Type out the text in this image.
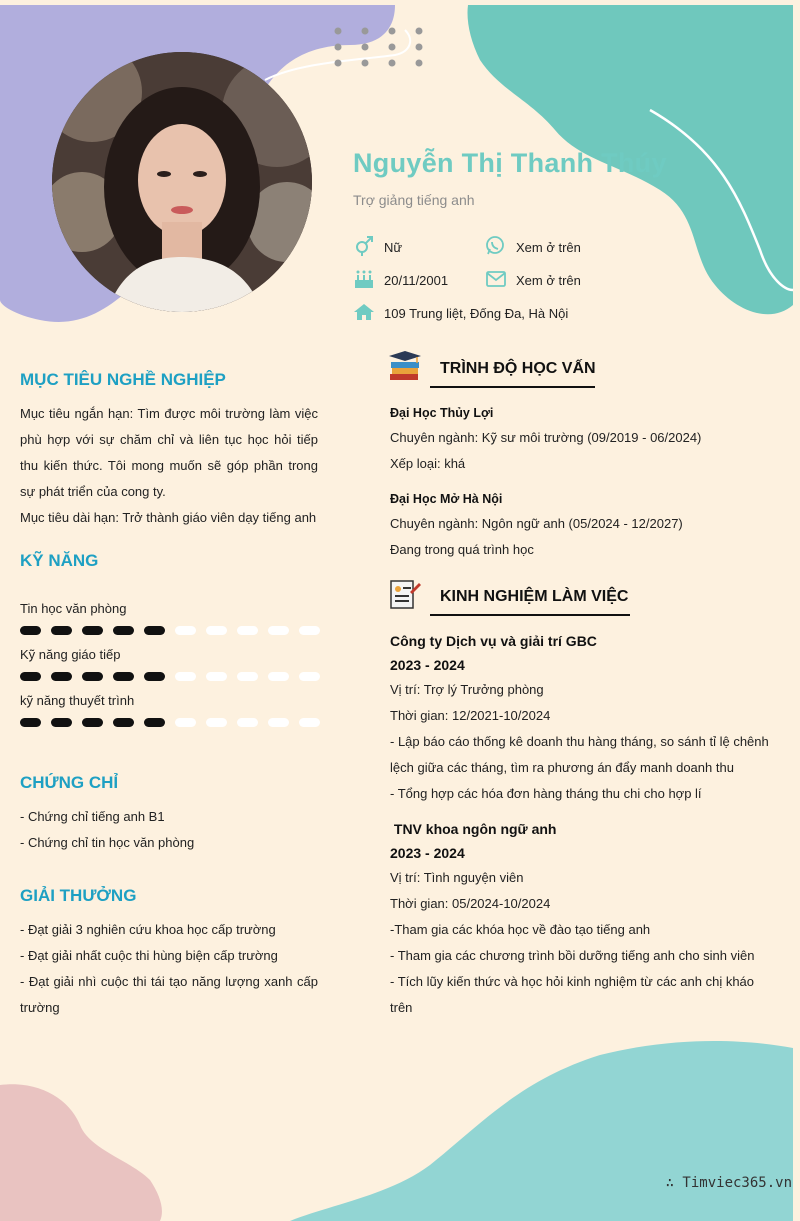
Nguyễn Thị Thanh Thúy
Trợ giảng tiếng anh
Nữ	Xem ở trên
20/11/2001	Xem ở trên
109 Trung liệt, Đống Đa, Hà Nội
MỤC TIÊU NGHỀ NGHIỆP
Mục tiêu ngắn hạn: Tìm được môi trường làm việc phù hợp với sự chăm chỉ và liên tục học hỏi tiếp thu kiến thức. Tôi mong muốn sẽ góp phần trong sự phát triển của cong ty.
Mục tiêu dài hạn: Trở thành giáo viên dạy tiếng anh
KỸ NĂNG
Tin học văn phòng
Kỹ năng giáo tiếp
kỹ năng thuyết trình
CHỨNG CHỈ
- Chứng chỉ tiếng anh B1
- Chứng chỉ tin học văn phòng
GIẢI THƯỞNG
- Đạt giải 3 nghiên cứu khoa học cấp trường
- Đạt giải nhất cuộc thi hùng biện cấp trường
- Đạt giải nhì cuộc thi tái tạo năng lượng xanh cấp trường
TRÌNH ĐỘ HỌC VẤN
Đại Học Thủy Lợi
Chuyên ngành: Kỹ sư môi trường (09/2019 - 06/2024)
Xếp loại: khá
Đại Học Mở Hà Nội
Chuyên ngành: Ngôn ngữ anh (05/2024 - 12/2027)
Đang trong quá trình học
KINH NGHIỆM LÀM VIỆC
Công ty Dịch vụ và giải trí GBC
2023 - 2024
Vị trí: Trợ lý Trưởng phòng
Thời gian: 12/2021-10/2024
- Lập báo cáo thống kê doanh thu hàng tháng, so sánh tỉ lệ chênh lệch giữa các tháng, tìm ra phương án đẩy manh doanh thu
- Tổng hợp các hóa đơn hàng tháng thu chi cho hợp lí
TNV khoa ngôn ngữ anh
2023 - 2024
Vị trí: Tình nguyện viên
Thời gian: 05/2024-10/2024
-Tham gia các khóa học về đào tạo tiếng anh
- Tham gia các chương trình bồi dưỡng tiếng anh cho sinh viên
- Tích lũy kiến thức và học hỏi kinh nghiệm từ các anh chị kháo trên
∴ Timviec365.vn
